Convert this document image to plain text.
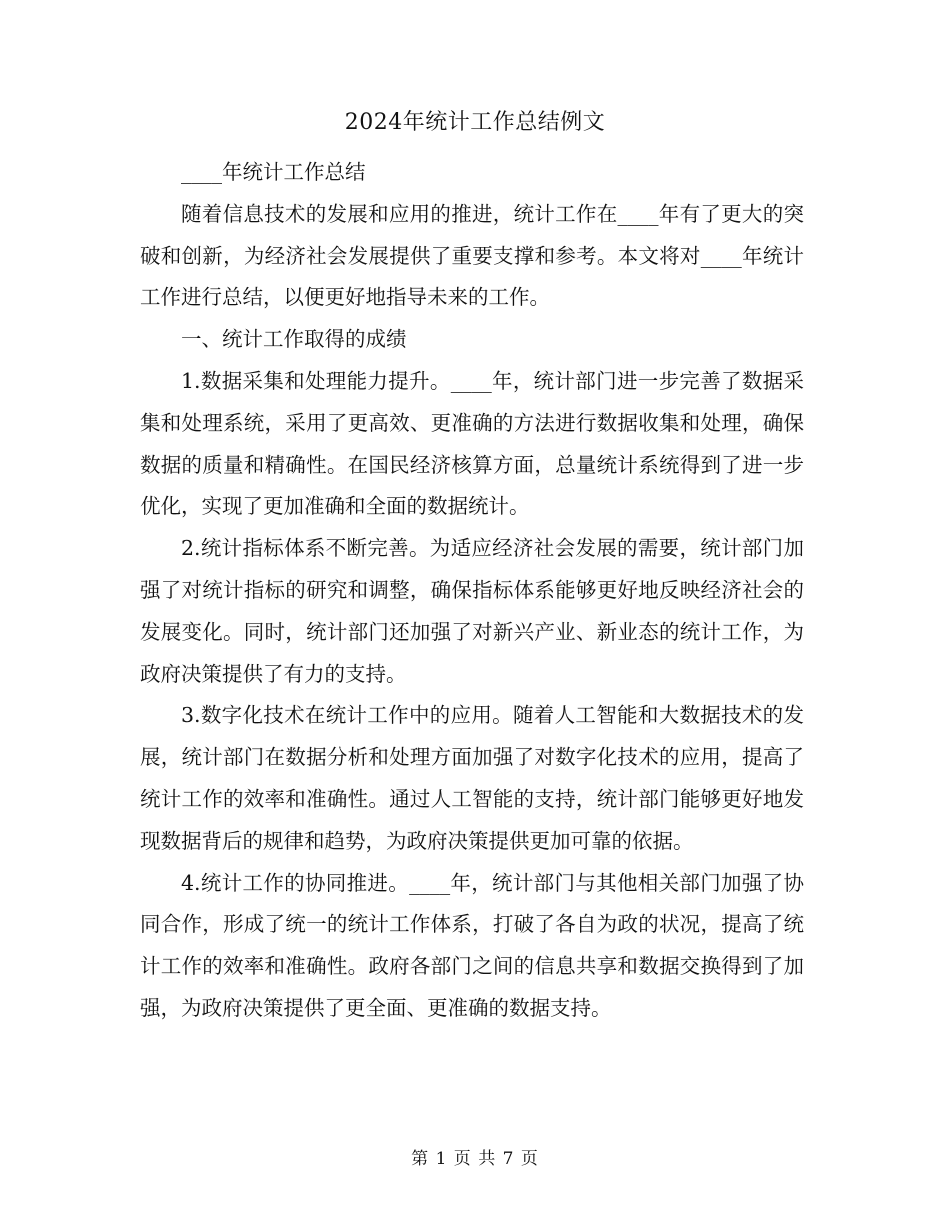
2024年统计工作总结例文

____年统计工作总结

随着信息技术的发展和应用的推进，统计工作在____年有了更大的突破和创新，为经济社会发展提供了重要支撑和参考。本文将对____年统计工作进行总结，以便更好地指导未来的工作。

一、统计工作取得的成绩

1.数据采集和处理能力提升。____年，统计部门进一步完善了数据采集和处理系统，采用了更高效、更准确的方法进行数据收集和处理，确保数据的质量和精确性。在国民经济核算方面，总量统计系统得到了进一步优化，实现了更加准确和全面的数据统计。

2.统计指标体系不断完善。为适应经济社会发展的需要，统计部门加强了对统计指标的研究和调整，确保指标体系能够更好地反映经济社会的发展变化。同时，统计部门还加强了对新兴产业、新业态的统计工作，为政府决策提供了有力的支持。

3.数字化技术在统计工作中的应用。随着人工智能和大数据技术的发展，统计部门在数据分析和处理方面加强了对数字化技术的应用，提高了统计工作的效率和准确性。通过人工智能的支持，统计部门能够更好地发现数据背后的规律和趋势，为政府决策提供更加可靠的依据。

4.统计工作的协同推进。____年，统计部门与其他相关部门加强了协同合作，形成了统一的统计工作体系，打破了各自为政的状况，提高了统计工作的效率和准确性。政府各部门之间的信息共享和数据交换得到了加强，为政府决策提供了更全面、更准确的数据支持。

第 1 页 共 7 页
